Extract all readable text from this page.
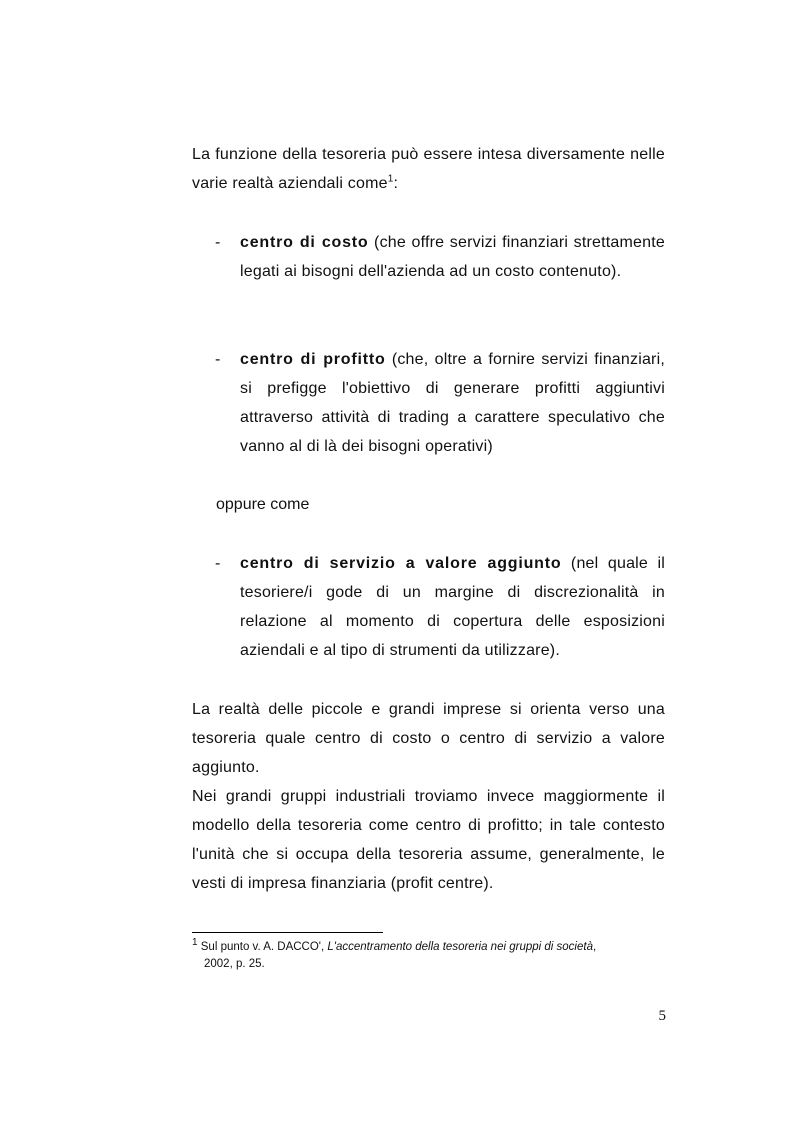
La funzione della tesoreria può essere intesa diversamente nelle varie realtà aziendali come$^1$:

- centro di costo (che offre servizi finanziari strettamente legati ai bisogni dell'azienda ad un costo contenuto).
- centro di profitto (che, oltre a fornire servizi finanziari, si prefigge l'obiettivo di generare profitti aggiuntivi attraverso attività di trading a carattere speculativo che vanno al di là dei bisogni operativi)

oppure come

- centro di servizio a valore aggiunto (nel quale il tesoriere/i gode di un margine di discrezionalità in relazione al momento di copertura delle esposizioni aziendali e al tipo di strumenti da utilizzare).

La realtà delle piccole e grandi imprese si orienta verso una tesoreria quale centro di costo o centro di servizio a valore aggiunto.

Nei grandi gruppi industriali troviamo invece maggiormente il modello della tesoreria come centro di profitto; in tale contesto l'unità che si occupa della tesoreria assume, generalmente, le vesti di impresa finanziaria (profit centre).

$^1$ Sul punto v. A. DACCO', L'accentramento della tesoreria nei gruppi di società,
2002, p. 25.

5
